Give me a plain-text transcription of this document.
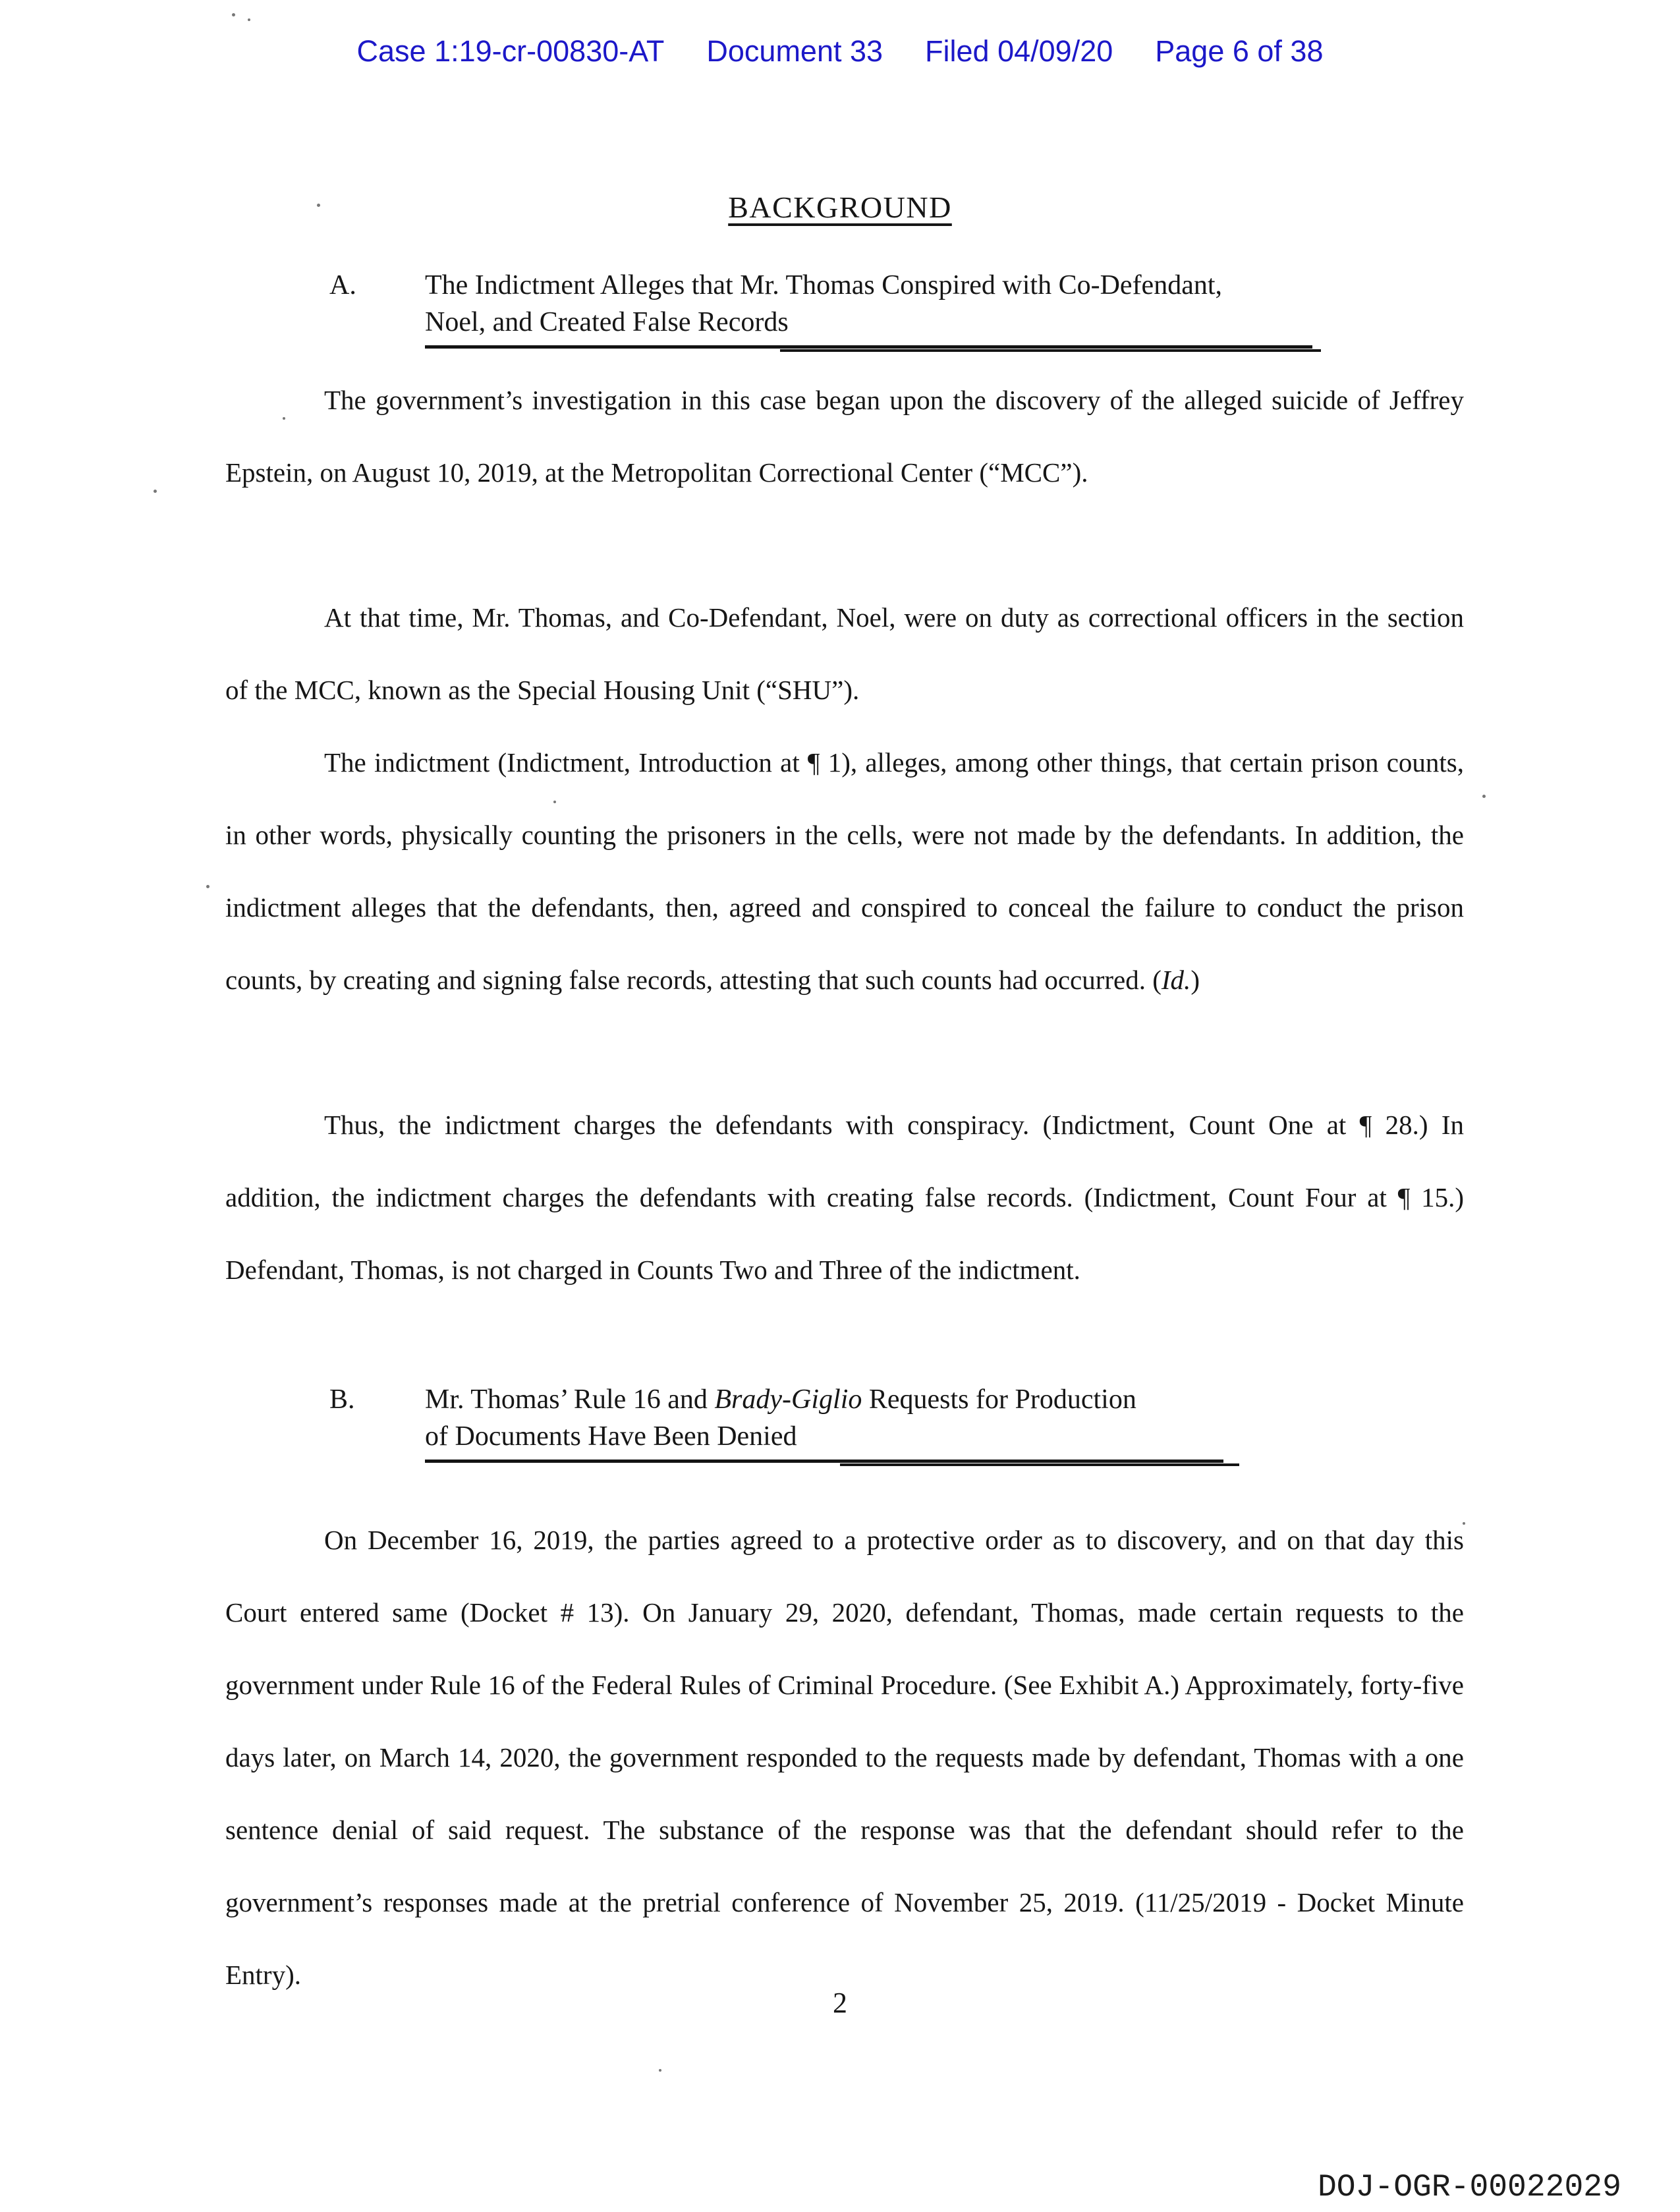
Case 1:19-cr-00830-AT Document 33 Filed 04/09/20 Page 6 of 38
BACKGROUND
A.	The Indictment Alleges that Mr. Thomas Conspired with Co-Defendant,
Noel, and Created False Records

The government’s investigation in this case began upon the discovery of the alleged suicide of Jeffrey Epstein, on August 10, 2019, at the Metropolitan Correctional Center (“MCC”).

At that time, Mr. Thomas, and Co-Defendant, Noel, were on duty as correctional officers in the section of the MCC, known as the Special Housing Unit (“SHU”).

The indictment (Indictment, Introduction at ¶ 1), alleges, among other things, that certain prison counts, in other words, physically counting the prisoners in the cells, were not made by the defendants. In addition, the indictment alleges that the defendants, then, agreed and conspired to conceal the failure to conduct the prison counts, by creating and signing false records, attesting that such counts had occurred. (Id.)

Thus, the indictment charges the defendants with conspiracy. (Indictment, Count One at ¶ 28.) In addition, the indictment charges the defendants with creating false records. (Indictment, Count Four at ¶ 15.) Defendant, Thomas, is not charged in Counts Two and Three of the indictment.

B.	Mr. Thomas’ Rule 16 and Brady-Giglio Requests for Production
of Documents Have Been Denied

On December 16, 2019, the parties agreed to a protective order as to discovery, and on that day this Court entered same (Docket # 13). On January 29, 2020, defendant, Thomas, made certain requests to the government under Rule 16 of the Federal Rules of Criminal Procedure. (See Exhibit A.) Approximately, forty-five days later, on March 14, 2020, the government responded to the requests made by defendant, Thomas with a one sentence denial of said request. The substance of the response was that the defendant should refer to the government’s responses made at the pretrial conference of November 25, 2019. (11/25/2019 - Docket Minute Entry).

2
DOJ-OGR-00022029
